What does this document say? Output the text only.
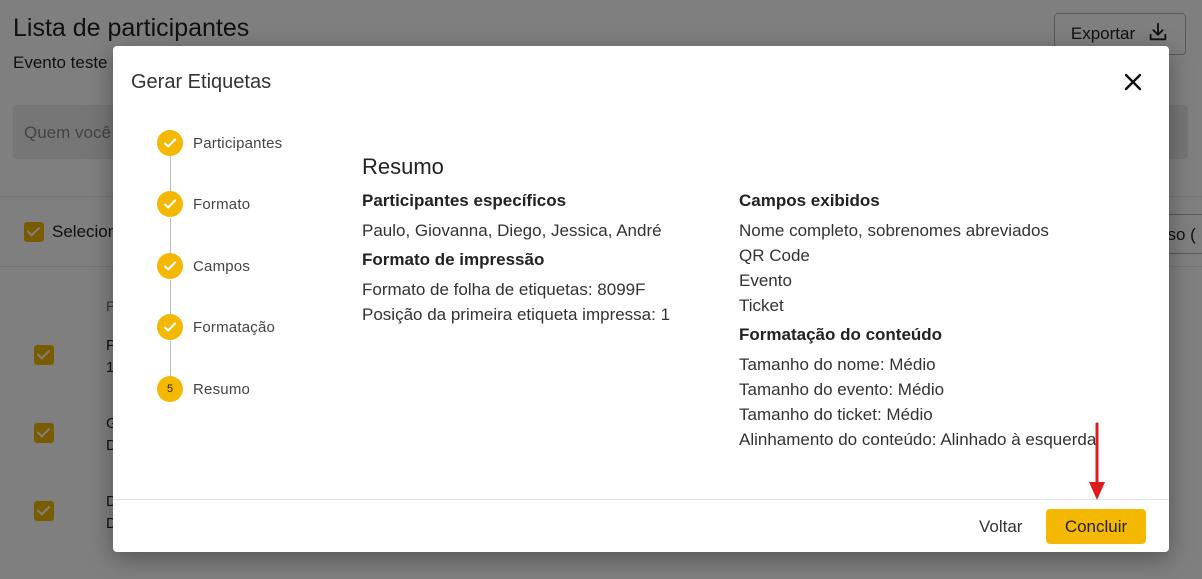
Gerar Etiquetas
Participantes
Formato
Campos
Formatação
5	Resumo
Resumo
Participantes específicos
Paulo, Giovanna, Diego, Jessica, André
Formato de impressão
Formato de folha de etiquetas: 8099F
Posição da primeira etiqueta impressa: 1
Campos exibidos
Nome completo, sobrenomes abreviados
QR Code
Evento
Ticket
Formatação do conteúdo
Tamanho do nome: Médio
Tamanho do evento: Médio
Tamanho do ticket: Médio
Alinhamento do conteúdo: Alinhado à esquerda
Voltar Concluir
